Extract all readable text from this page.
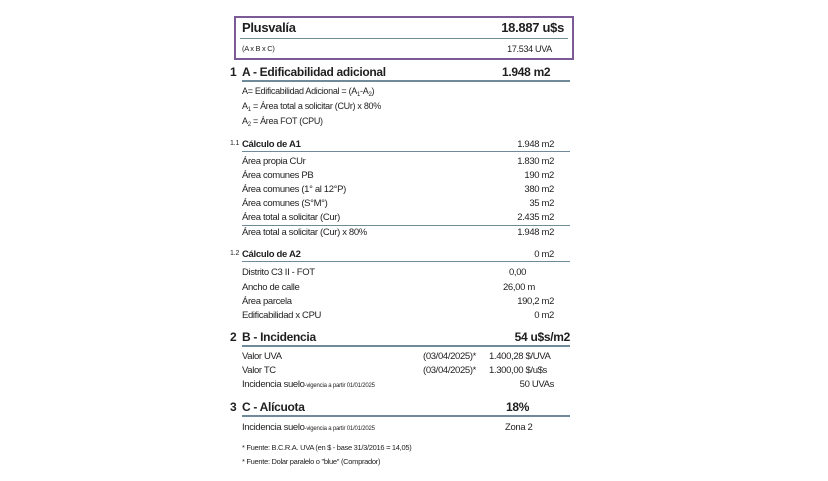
Plusvalía	18.887 u$s
(A x B x C)	17.534 UVA
1 A - Edificabilidad adicional	1.948 m2
A= Edificabilidad Adicional = $(A_1-A_2)$
$A_1$ = Área total a solicitar (CUr) x 80%
$A_2$ = Área FOT (CPU)
1.1 Cálculo de A1	1.948 m2
Área propia CUr	1.830 m2
Área comunes PB	190 m2
Área comunes (1° al 12°P)	380 m2
Área comunes (S°M°)	35 m2
Área total a solicitar (Cur)	2.435 m2
Área total a solicitar (Cur) x 80%	1.948 m2
1.2 Cálculo de A2	0 m2
Distrito C3 II - FOT	0,00
Ancho de calle	26,00 m
Área parcela	190,2 m2
Edificabilidad x CPU	0 m2
2 B - Incidencia	54 u$s/m2
Valor UVA	(03/04/2025)* 1.400,28 $/UVA
Valor TC	(03/04/2025)* 1.300,00 $/u$s
Incidencia suelo-vigencia a partir 01/01/2025	50 UVAs
3 C - Alícuota	18%
Incidencia suelo-vigencia a partir 01/01/2025	Zona 2
* Fuente: B.C.R.A. UVA (en $ - base 31/3/2016 = 14,05)
* Fuente: Dolar paralelo o "blue" (Comprador)
